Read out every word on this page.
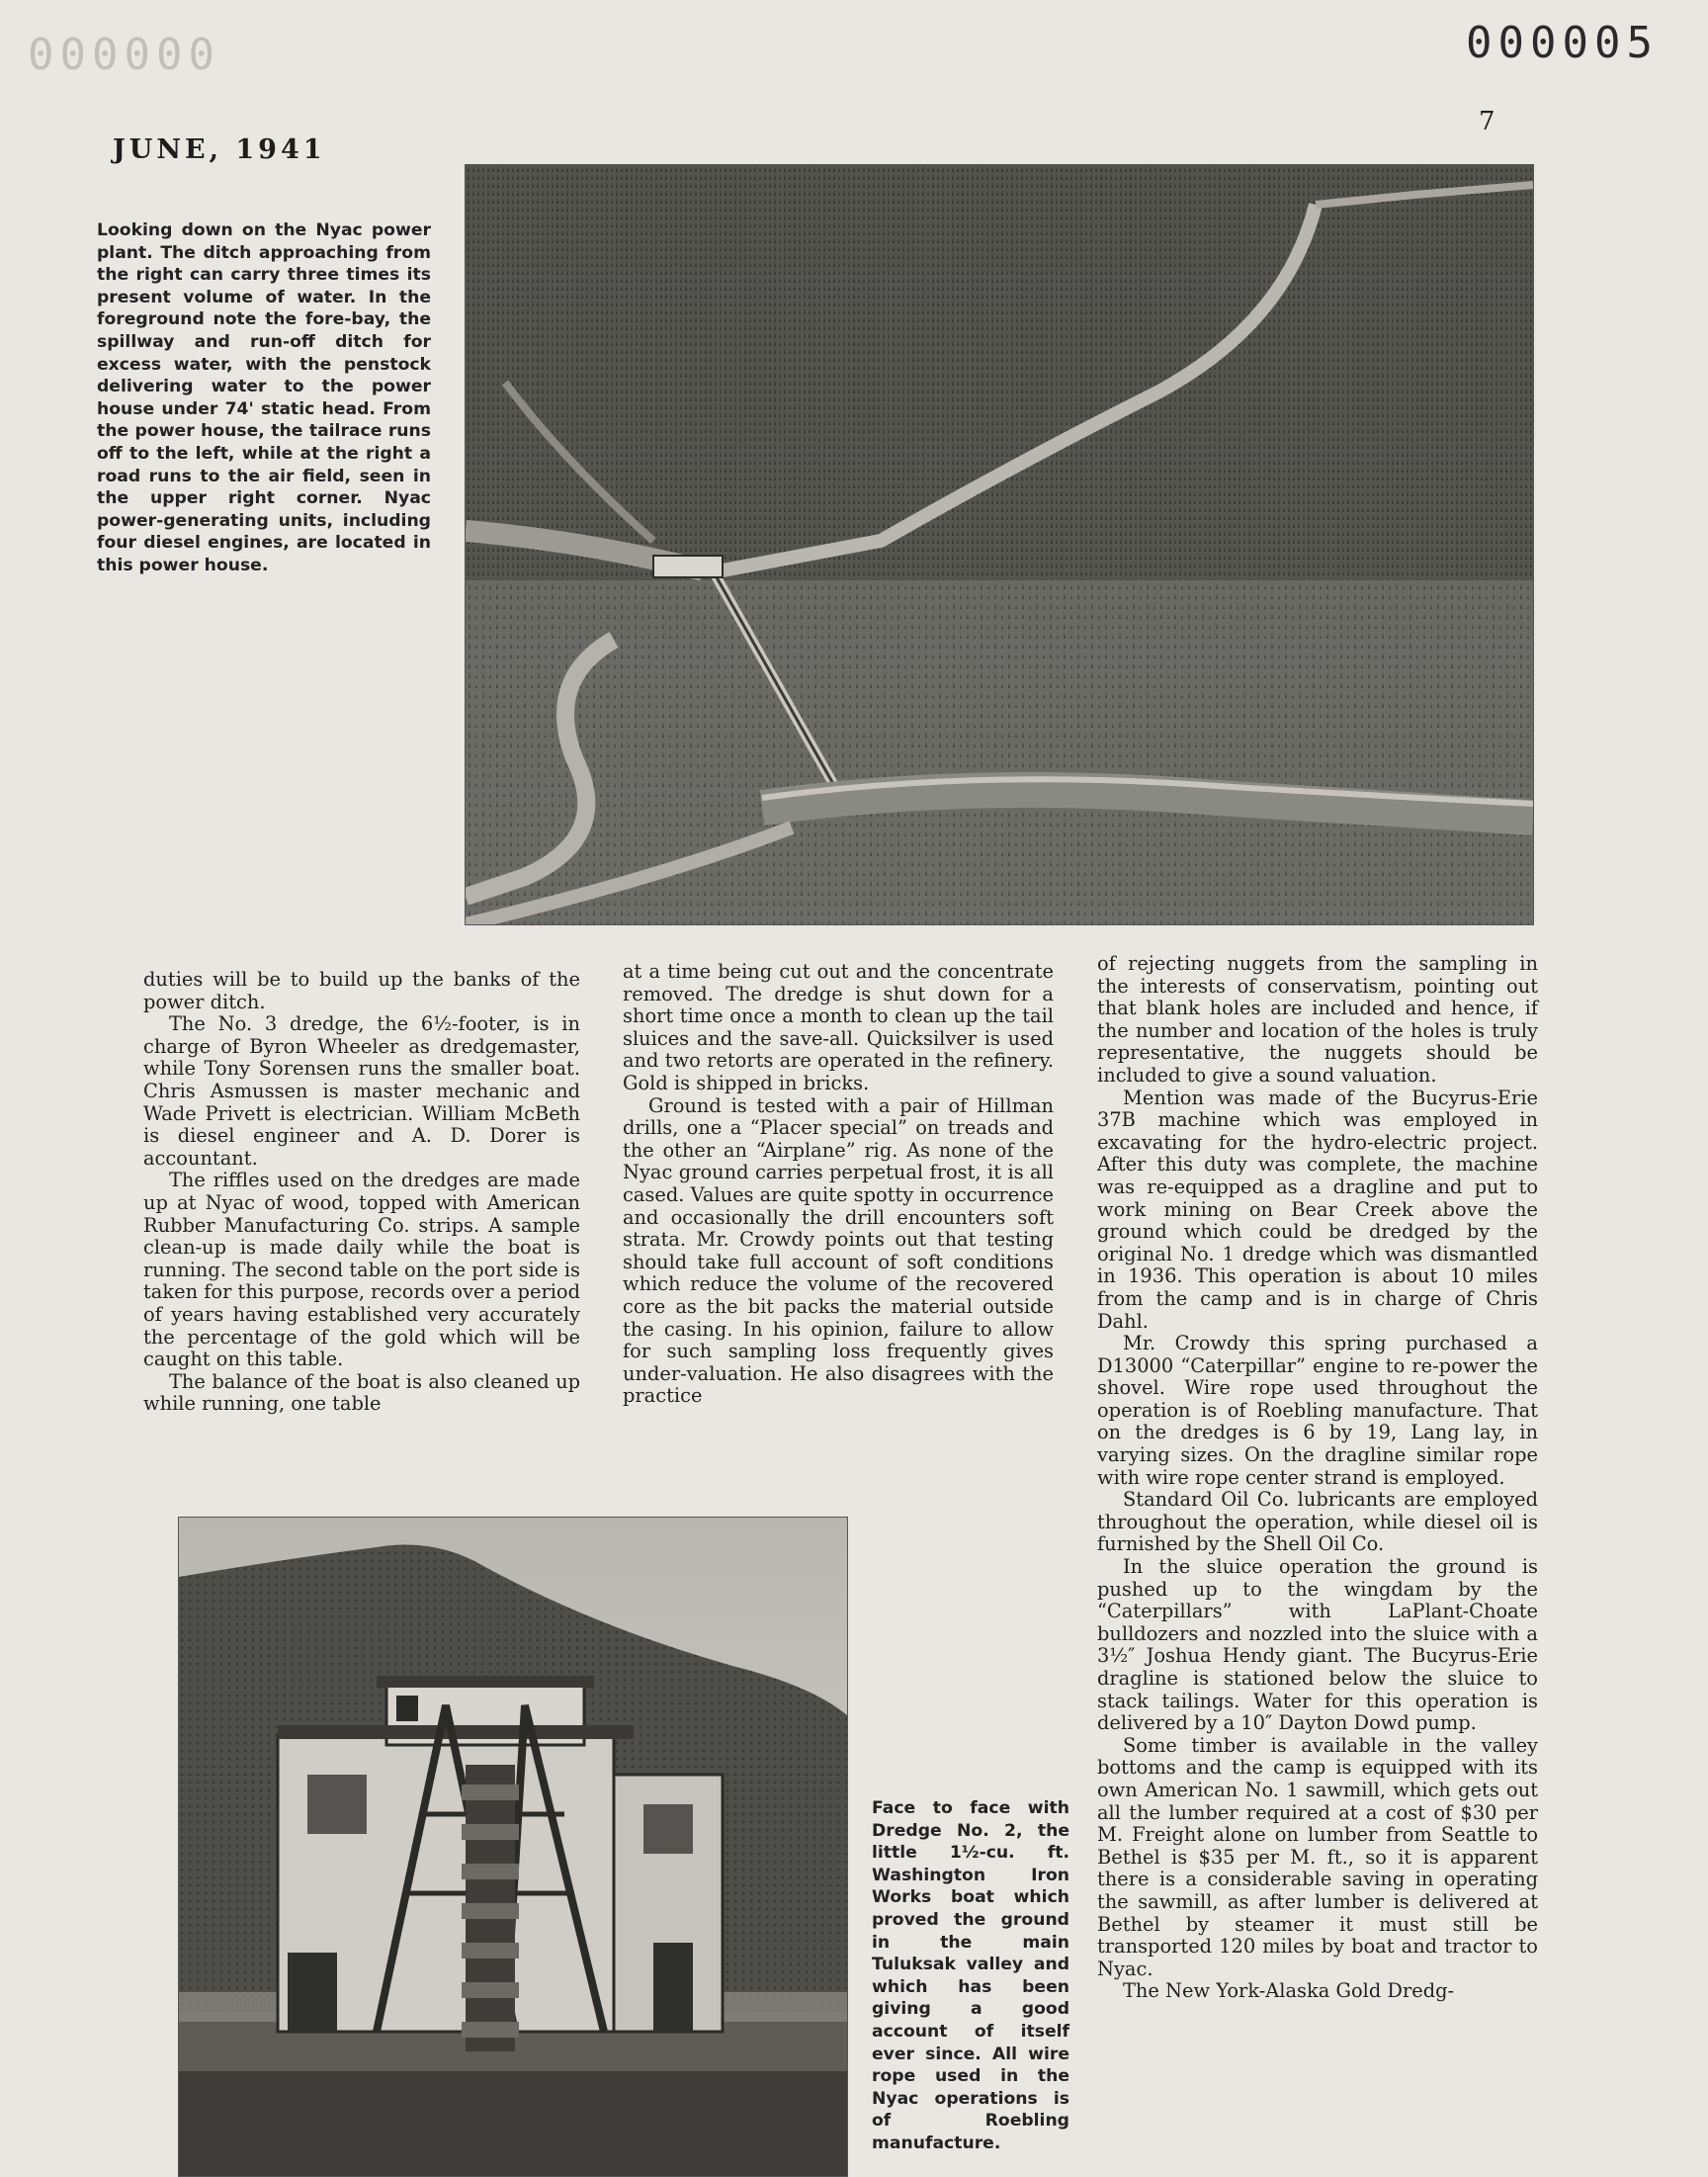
000000	000005
JUNE, 1941
7
Looking down on the Nyac power plant. The ditch approaching from the right can carry three times its present volume of water. In the foreground note the fore-bay, the spillway and run-off ditch for excess water, with the penstock delivering water to the power house under 74' static head. From the power house, the tailrace runs off to the left, while at the right a road runs to the air field, seen in the upper right corner. Nyac power-generating units, including four diesel engines, are located in this power house.

duties will be to build up the banks of the power ditch.

The No. 3 dredge, the 6½-footer, is in charge of Byron Wheeler as dredgemaster, while Tony Sorensen runs the smaller boat. Chris Asmussen is master mechanic and Wade Privett is electrician. William McBeth is diesel engineer and A. D. Dorer is accountant.

The riffles used on the dredges are made up at Nyac of wood, topped with American Rubber Manufacturing Co. strips. A sample clean-up is made daily while the boat is running. The second table on the port side is taken for this purpose, records over a period of years having established very accurately the percentage of the gold which will be caught on this table.

The balance of the boat is also cleaned up while running, one table

at a time being cut out and the concentrate removed. The dredge is shut down for a short time once a month to clean up the tail sluices and the save-all. Quicksilver is used and two retorts are operated in the refinery. Gold is shipped in bricks.

Ground is tested with a pair of Hillman drills, one a “Placer special” on treads and the other an “Airplane” rig. As none of the Nyac ground carries perpetual frost, it is all cased. Values are quite spotty in occurrence and occasionally the drill encounters soft strata. Mr. Crowdy points out that testing should take full account of soft conditions which reduce the volume of the recovered core as the bit packs the material outside the casing. In his opinion, failure to allow for such sampling loss frequently gives under-valuation. He also disagrees with the practice

of rejecting nuggets from the sampling in the interests of conservatism, pointing out that blank holes are included and hence, if the number and location of the holes is truly representative, the nuggets should be included to give a sound valuation.

Mention was made of the Bucyrus-Erie 37B machine which was employed in excavating for the hydro-electric project. After this duty was complete, the machine was re-equipped as a dragline and put to work mining on Bear Creek above the ground which could be dredged by the original No. 1 dredge which was dismantled in 1936. This operation is about 10 miles from the camp and is in charge of Chris Dahl.

Mr. Crowdy this spring purchased a D13000 “Caterpillar” engine to re-power the shovel. Wire rope used throughout the operation is of Roebling manufacture. That on the dredges is 6 by 19, Lang lay, in varying sizes. On the dragline similar rope with wire rope center strand is employed.

Standard Oil Co. lubricants are employed throughout the operation, while diesel oil is furnished by the Shell Oil Co.

In the sluice operation the ground is pushed up to the wingdam by the “Caterpillars” with LaPlant-Choate bulldozers and nozzled into the sluice with a 3½″ Joshua Hendy giant. The Bucyrus-Erie dragline is stationed below the sluice to stack tailings. Water for this operation is delivered by a 10″ Dayton Dowd pump.

Some timber is available in the valley bottoms and the camp is equipped with its own American No. 1 sawmill, which gets out all the lumber required at a cost of $30 per M. Freight alone on lumber from Seattle to Bethel is $35 per M. ft., so it is apparent there is a considerable saving in operating the sawmill, as after lumber is delivered at Bethel by steamer it must still be transported 120 miles by boat and tractor to Nyac.

The New York-Alaska Gold Dredg-

Face to face with Dredge No. 2, the little 1½-cu. ft. Washington Iron Works boat which proved the ground in the main Tuluksak valley and which has been giving a good account of itself ever since. All wire rope used in the Nyac operations is of Roebling manufacture.
